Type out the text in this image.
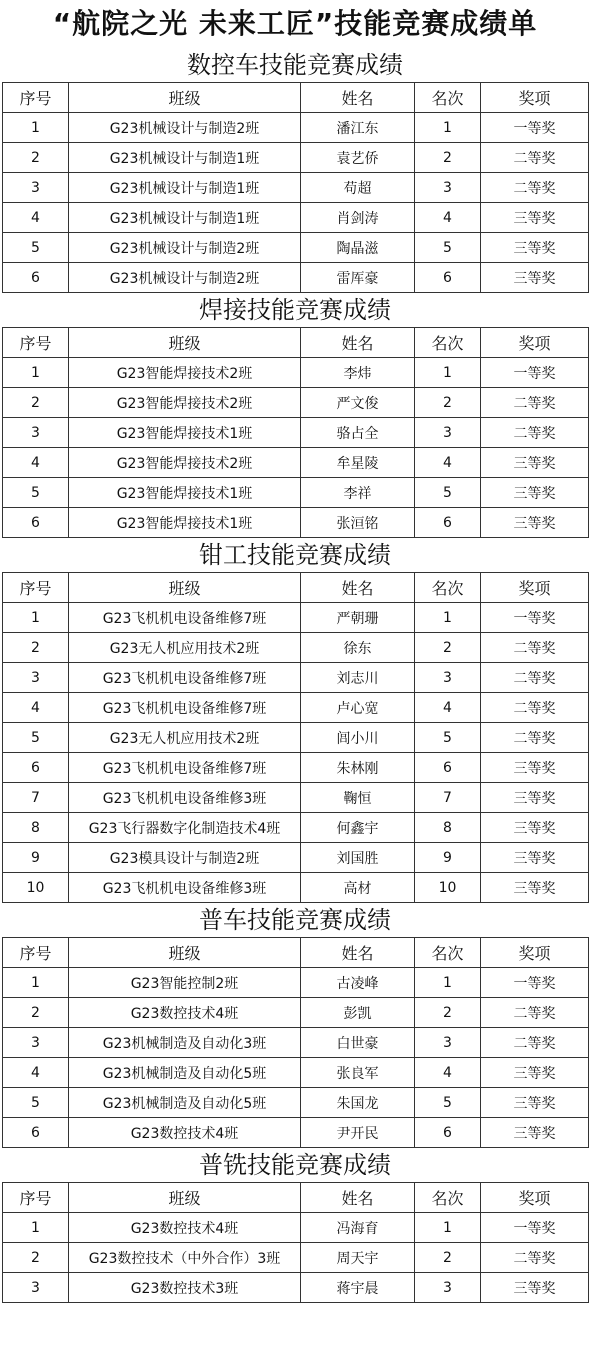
“航院之光 未来工匠”技能竞赛成绩单
数控车技能竞赛成绩
序号	班级	姓名	名次	奖项
1	G23机械设计与制造2班	潘江东	1	一等奖
2	G23机械设计与制造1班	袁艺侨	2	二等奖
3	G23机械设计与制造1班	苟超	3	二等奖
4	G23机械设计与制造1班	肖剑涛	4	三等奖
5	G23机械设计与制造2班	陶晶滋	5	三等奖
6	G23机械设计与制造2班	雷厍豪	6	三等奖
焊接技能竞赛成绩
序号	班级	姓名	名次	奖项
1	G23智能焊接技术2班	李炜	1	一等奖
2	G23智能焊接技术2班	严文俊	2	二等奖
3	G23智能焊接技术1班	骆占全	3	二等奖
4	G23智能焊接技术2班	牟星陵	4	三等奖
5	G23智能焊接技术1班	李祥	5	三等奖
6	G23智能焊接技术1班	张洹铭	6	三等奖
钳工技能竞赛成绩
序号	班级	姓名	名次	奖项
1	G23飞机机电设备维修7班	严朝珊	1	一等奖
2	G23无人机应用技术2班	徐东	2	二等奖
3	G23飞机机电设备维修7班	刘志川	3	二等奖
4	G23飞机机电设备维修7班	卢心宽	4	二等奖
5	G23无人机应用技术2班	闾小川	5	二等奖
6	G23飞机机电设备维修7班	朱林刚	6	三等奖
7	G23飞机机电设备维修3班	鞠恒	7	三等奖
8	G23飞行器数字化制造技术4班	何鑫宇	8	三等奖
9	G23模具设计与制造2班	刘国胜	9	三等奖
10	G23飞机机电设备维修3班	高材	10	三等奖
普车技能竞赛成绩
序号	班级	姓名	名次	奖项
1	G23智能控制2班	古凌峰	1	一等奖
2	G23数控技术4班	彭凯	2	二等奖
3	G23机械制造及自动化3班	白世豪	3	二等奖
4	G23机械制造及自动化5班	张良军	4	三等奖
5	G23机械制造及自动化5班	朱国龙	5	三等奖
6	G23数控技术4班	尹开民	6	三等奖
普铣技能竞赛成绩
序号	班级	姓名	名次	奖项
1	G23数控技术4班	冯海育	1	一等奖
2	G23数控技术（中外合作）3班	周天宇	2	二等奖
3	G23数控技术3班	蒋宇晨	3	三等奖
